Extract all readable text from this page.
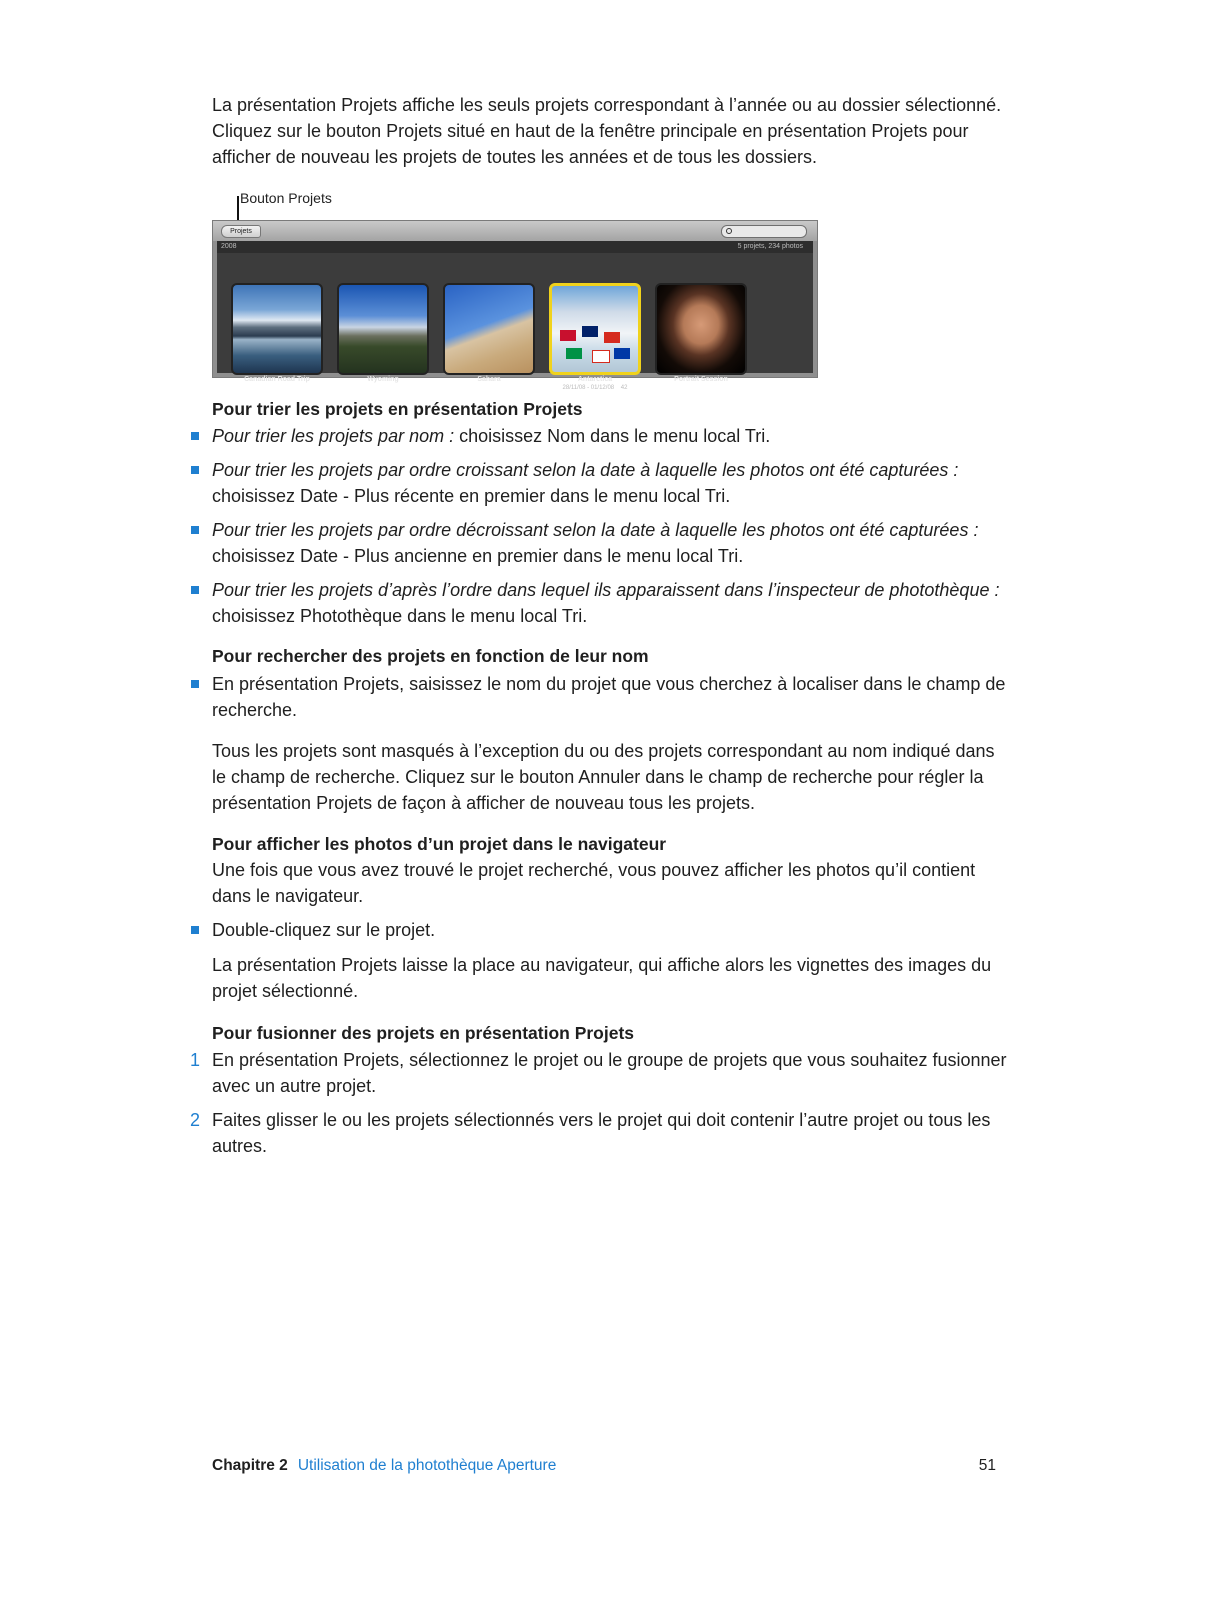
La présentation Projets affiche les seuls projets correspondant à l’année ou au dossier sélectionné. Cliquez sur le bouton Projets situé en haut de la fenêtre principale en présentation Projets pour afficher de nouveau les projets de toutes les années et de tous les dossiers.

Bouton Projets
Projets
2008	5 projets, 234 photos
Canadian Road Trip	Wyoming	Sahara	Antarctica
28/11/08 - 01/12/08 42
Portrait Session
Pour trier les projets en présentation Projets
Pour trier les projets par nom : choisissez Nom dans le menu local Tri.
Pour trier les projets par ordre croissant selon la date à laquelle les photos ont été capturées : choisissez Date - Plus récente en premier dans le menu local Tri.
Pour trier les projets par ordre décroissant selon la date à laquelle les photos ont été capturées : choisissez Date - Plus ancienne en premier dans le menu local Tri.
Pour trier les projets d’après l’ordre dans lequel ils apparaissent dans l’inspecteur de photothèque : choisissez Photothèque dans le menu local Tri.
Pour rechercher des projets en fonction de leur nom
En présentation Projets, saisissez le nom du projet que vous cherchez à localiser dans le champ de recherche.

Tous les projets sont masqués à l’exception du ou des projets correspondant au nom indiqué dans le champ de recherche. Cliquez sur le bouton Annuler dans le champ de recherche pour régler la présentation Projets de façon à afficher de nouveau tous les projets.

Pour afficher les photos d’un projet dans le navigateur

Une fois que vous avez trouvé le projet recherché, vous pouvez afficher les photos qu’il contient dans le navigateur.

Double-cliquez sur le projet.

La présentation Projets laisse la place au navigateur, qui affiche alors les vignettes des images du projet sélectionné.

Pour fusionner des projets en présentation Projets
1 En présentation Projets, sélectionnez le projet ou le groupe de projets que vous souhaitez fusionner avec un autre projet.
2 Faites glisser le ou les projets sélectionnés vers le projet qui doit contenir l’autre projet ou tous les autres.
Chapitre 2 Utilisation de la photothèque Aperture	51
